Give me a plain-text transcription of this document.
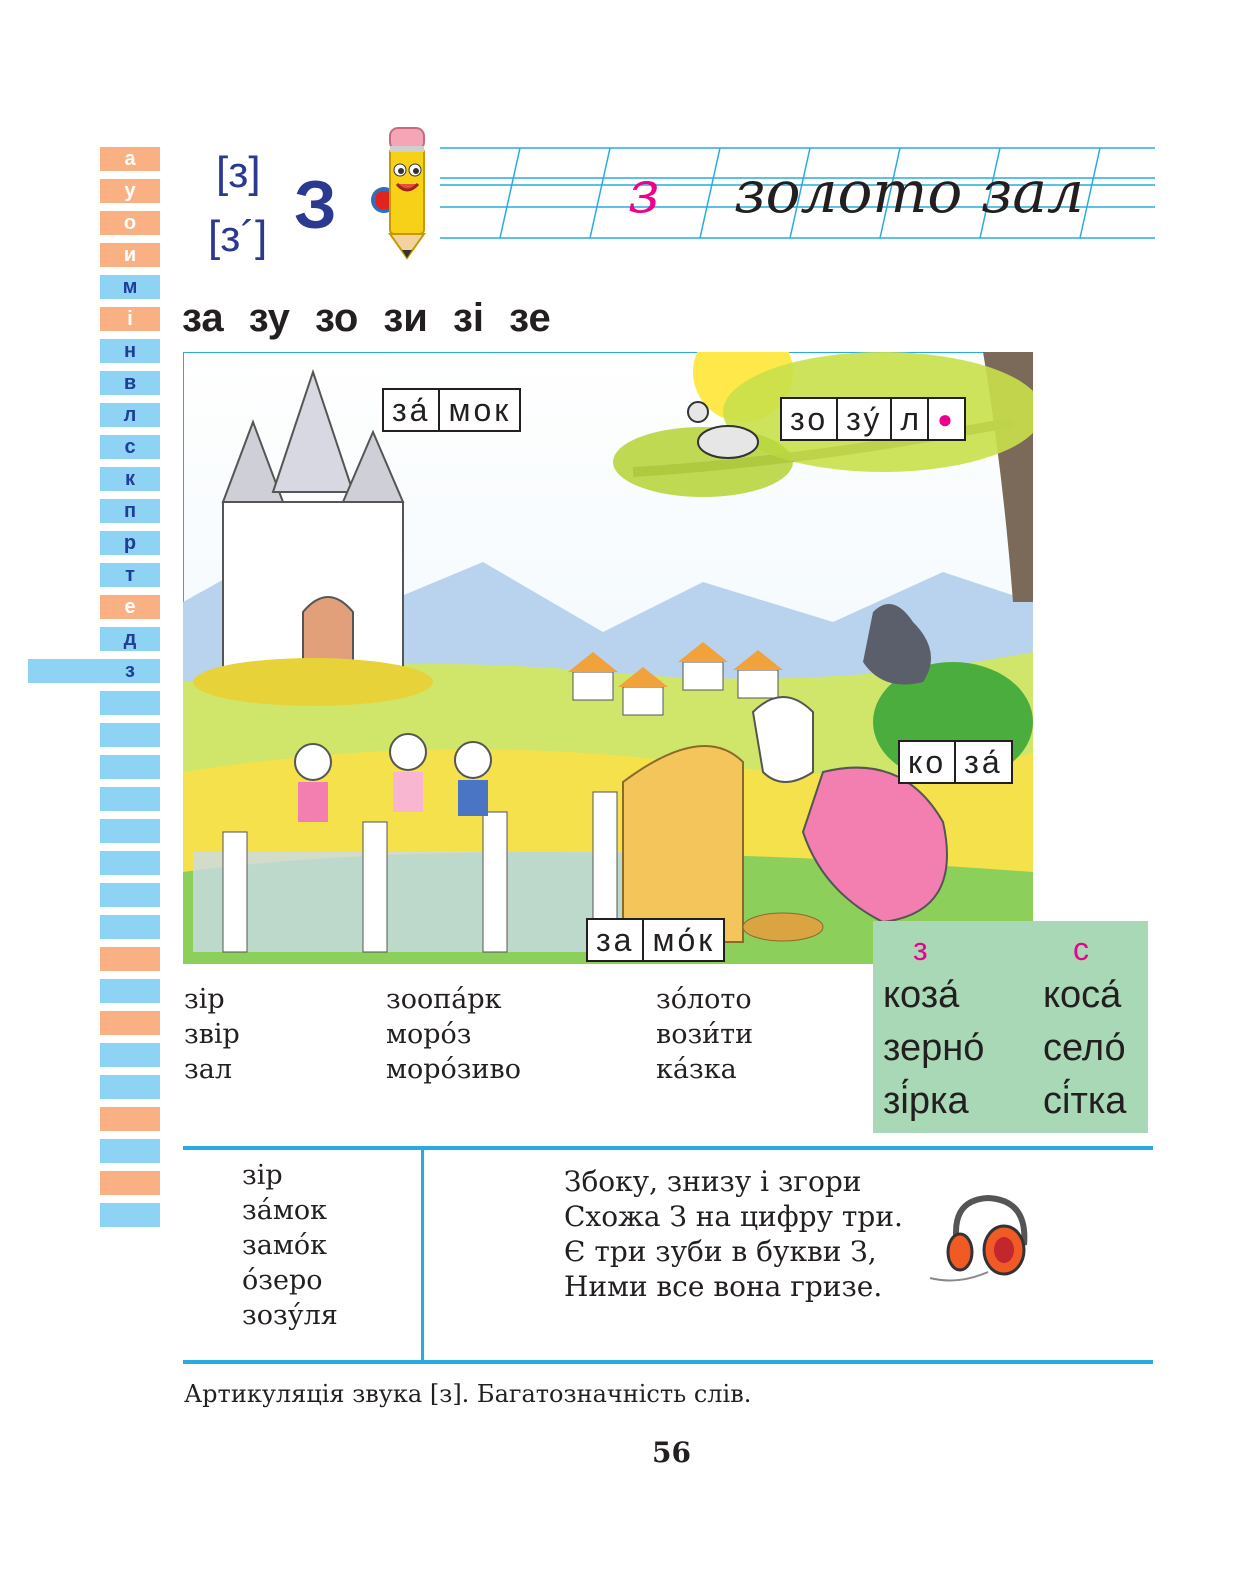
а
у
о
и
м
і
н
в
л
с
к
п
р
т
е
д
з
[з]
[з´] З	з золото зал
за зу зо зи зі зе
за́ мок	зо зу́ л ●
ко за́
за мо́к
зір
звір
зал
зоопа́рк
моро́з
моро́зиво
зо́лото
вози́ти
ка́зка
з
коза́
зерно́
зі́рка
с
коса́
село́
сі́тка
зір
за́мок
замо́к
о́зеро
зозу́ля
Збоку, знизу і згори
Схожа З на цифру три.
Є три зуби в букви З,
Ними все вона гризе.
Артикуляція звука [з]. Багатозначність слів.
56
